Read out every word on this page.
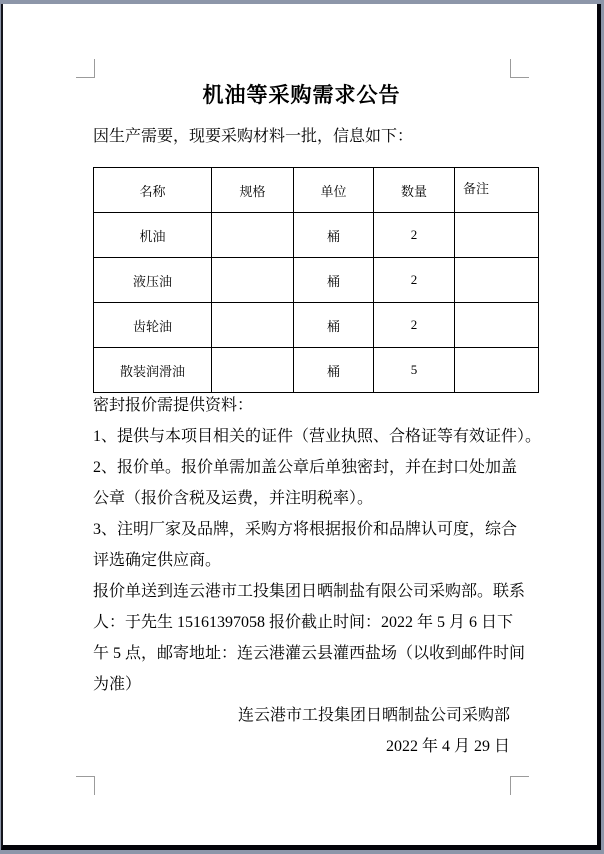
机油等采购需求公告
因生产需要，现要采购材料一批，信息如下：
名称	规格	单位	数量	备注
机油		桶	2	
液压油		桶	2	
齿轮油		桶	2	
散装润滑油		桶	5	
密封报价需提供资料：
1、提供与本项目相关的证件（营业执照、合格证等有效证件）。
2、报价单。报价单需加盖公章后单独密封，并在封口处加盖
公章（报价含税及运费，并注明税率）。
3、注明厂家及品牌，采购方将根据报价和品牌认可度，综合
评选确定供应商。
报价单送到连云港市工投集团日晒制盐有限公司采购部。联系
人：于先生 15161397058 报价截止时间：2022 年 5 月 6 日下
午 5 点，邮寄地址：连云港灌云县灌西盐场（以收到邮件时间
为准）
连云港市工投集团日晒制盐公司采购部
2022 年 4 月 29 日
